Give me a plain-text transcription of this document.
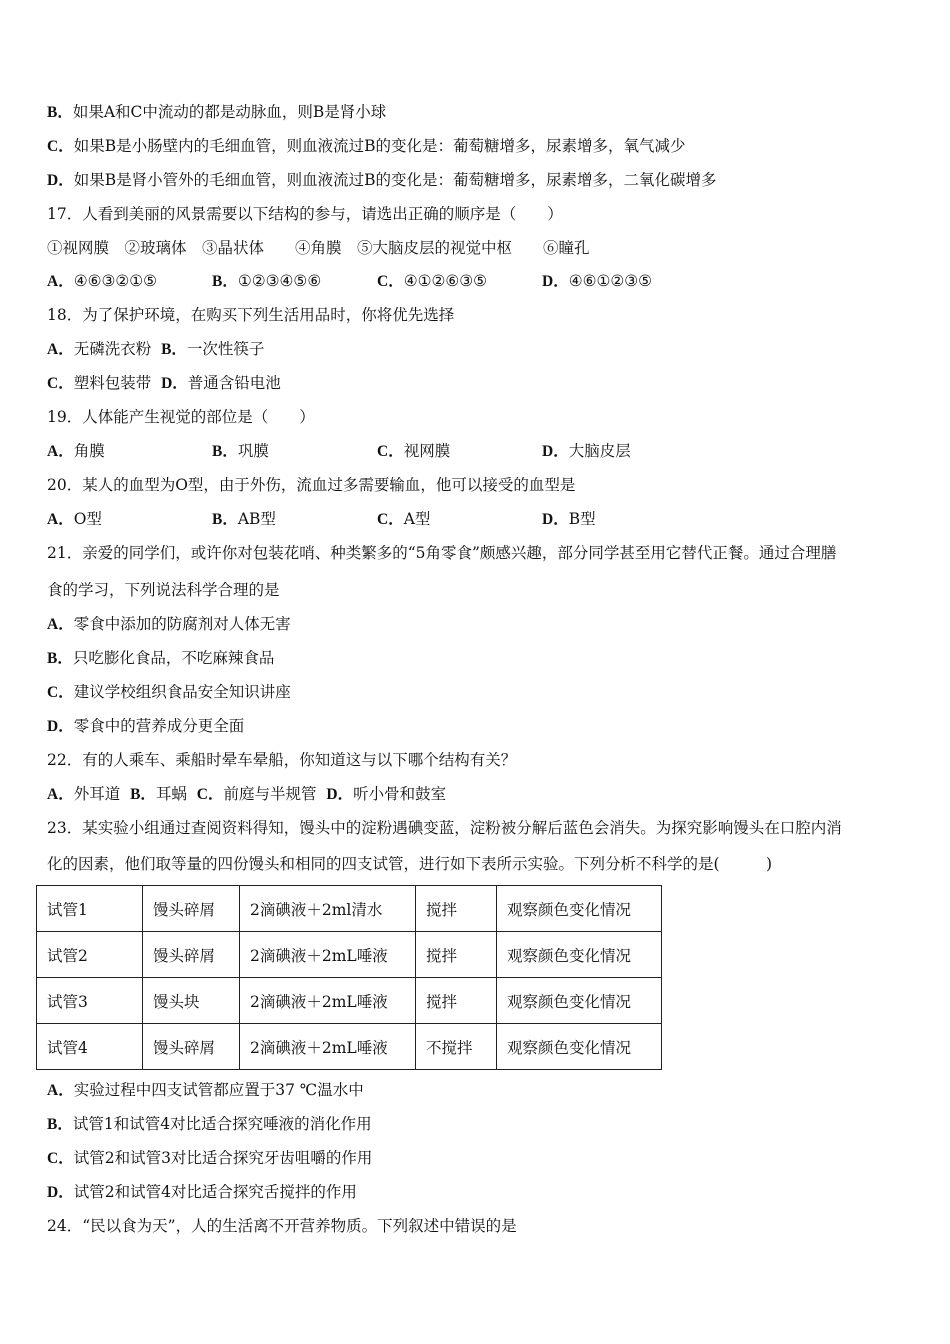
B．如果A和C中流动的都是动脉血，则B是肾小球
C．如果B是小肠壁内的毛细血管，则血液流过B的变化是：葡萄糖增多，尿素增多，氧气减少
D．如果B是肾小管外的毛细血管，则血液流过B的变化是：葡萄糖增多，尿素增多，二氧化碳增多
17．人看到美丽的风景需要以下结构的参与，请选出正确的顺序是（　　）
①视网膜　②玻璃体　③晶状体　　④角膜　⑤大脑皮层的视觉中枢　　⑥瞳孔
A．④⑥③②①⑤	B．①②③④⑤⑥	C．④①②⑥③⑤	D．④⑥①②③⑤
18．为了保护环境，在购买下列生活用品时，你将优先选择
A．无磷洗衣粉 B．一次性筷子
C．塑料包装带 D．普通含铅电池
19．人体能产生视觉的部位是（　　）
A．角膜	B．巩膜	C．视网膜	D．大脑皮层
20．某人的血型为O型，由于外伤，流血过多需要输血，他可以接受的血型是
A．O型	B．AB型	C．A型	D．B型
21．亲爱的同学们，或许你对包装花哨、种类繁多的“5角零食”颇感兴趣，部分同学甚至用它替代正餐。通过合理膳
食的学习，下列说法科学合理的是
A．零食中添加的防腐剂对人体无害
B．只吃膨化食品，不吃麻辣食品
C．建议学校组织食品安全知识讲座
D．零食中的营养成分更全面
22．有的人乘车、乘船时晕车晕船，你知道这与以下哪个结构有关？
A．外耳道 B．耳蜗 C．前庭与半规管 D．听小骨和鼓室
23．某实验小组通过查阅资料得知，馒头中的淀粉遇碘变蓝，淀粉被分解后蓝色会消失。为探究影响馒头在口腔内消
化的因素，他们取等量的四份馒头和相同的四支试管，进行如下表所示实验。下列分析不科学的是(　　　)
试管1	馒头碎屑	2滴碘液＋2ml清水	搅拌	观察颜色变化情况
试管2	馒头碎屑	2滴碘液＋2mL唾液	搅拌	观察颜色变化情况
试管3	馒头块	2滴碘液＋2mL唾液	搅拌	观察颜色变化情况
试管4	馒头碎屑	2滴碘液＋2mL唾液	不搅拌	观察颜色变化情况
A．实验过程中四支试管都应置于37 ℃温水中
B．试管1和试管4对比适合探究唾液的消化作用
C．试管2和试管3对比适合探究牙齿咀嚼的作用
D．试管2和试管4对比适合探究舌搅拌的作用
24．“民以食为天”，人的生活离不开营养物质。下列叙述中错误的是
